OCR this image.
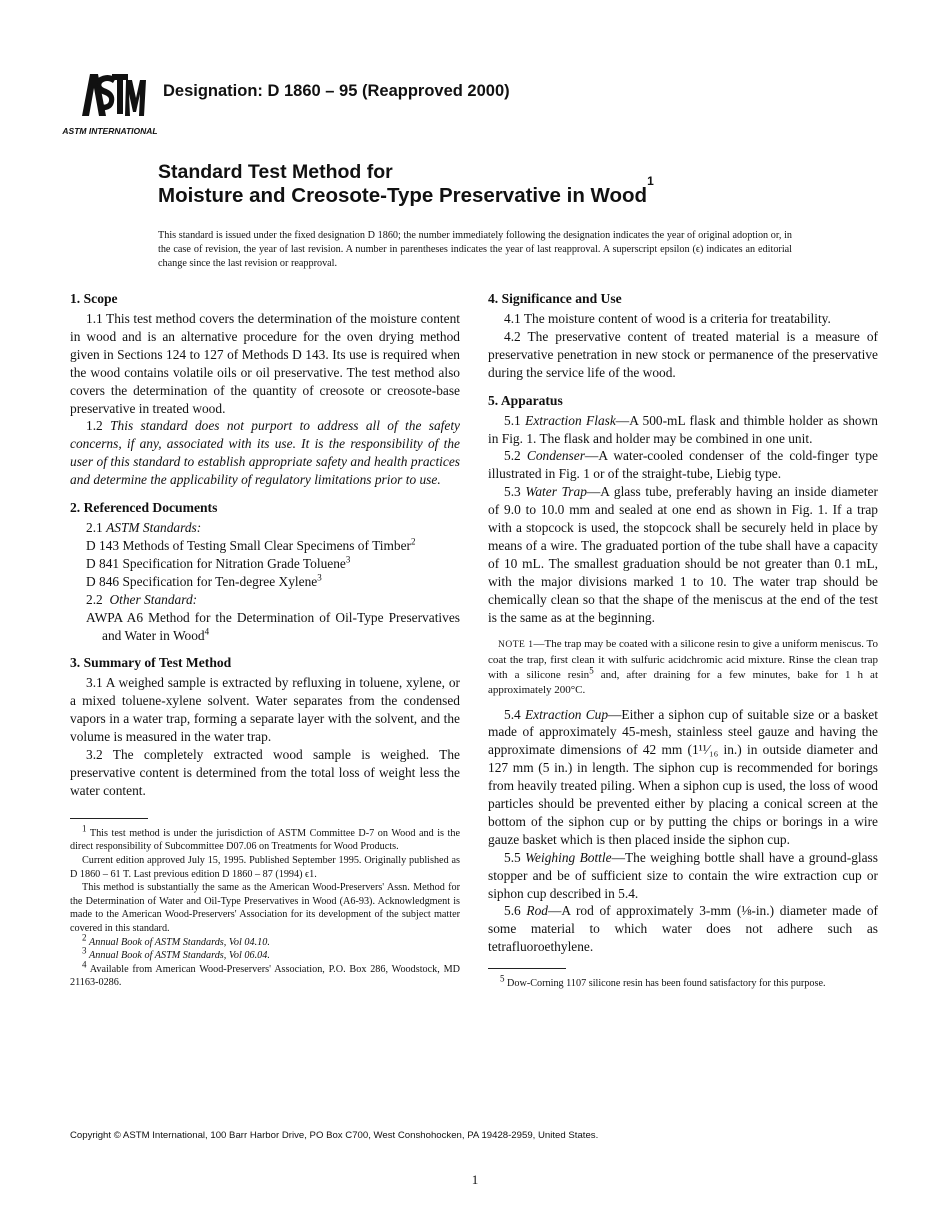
ASTM INTERNATIONAL
Designation: D 1860 – 95 (Reapproved 2000)
Standard Test Method for
Moisture and Creosote-Type Preservative in Wood$^1$
This standard is issued under the fixed designation D 1860; the number immediately following the designation indicates the year of original adoption or, in the case of revision, the year of last revision. A number in parentheses indicates the year of last reapproval. A superscript epsilon (ϵ) indicates an editorial change since the last revision or reapproval.
1. Scope

1.1 This test method covers the determination of the moisture content in wood and is an alternative procedure for the oven drying method given in Sections 124 to 127 of Methods D 143. Its use is required when the wood contains volatile oils or oil preservative. The test method also covers the determination of the quantity of creosote or creosote-base preservative in treated wood.

1.2 This standard does not purport to address all of the safety concerns, if any, associated with its use. It is the responsibility of the user of this standard to establish appropriate safety and health practices and determine the applicability of regulatory limitations prior to use.

2. Referenced Documents

2.1 ASTM Standards:

D 143 Methods of Testing Small Clear Specimens of Timber$^2$

D 841 Specification for Nitration Grade Toluene$^3$

D 846 Specification for Ten-degree Xylene$^3$

2.2 Other Standard:

AWPA A6 Method for the Determination of Oil-Type Preservatives and Water in Wood$^4$

3. Summary of Test Method

3.1 A weighed sample is extracted by refluxing in toluene, xylene, or a mixed toluene-xylene solvent. Water separates from the condensed vapors in a water trap, forming a separate layer with the solvent, and the volume is measured in the water trap.

3.2 The completely extracted wood sample is weighed. The preservative content is determined from the total loss of weight less the water content.

$^1$ This test method is under the jurisdiction of ASTM Committee D-7 on Wood and is the direct responsibility of Subcommittee D07.06 on Treatments for Wood Products.

Current edition approved July 15, 1995. Published September 1995. Originally published as D 1860 – 61 T. Last previous edition D 1860 – 87 (1994) ϵ1.

This method is substantially the same as the American Wood-Preservers' Assn. Method for the Determination of Water and Oil-Type Preservatives in Wood (A6-93). Acknowledgment is made to the American Wood-Preservers' Association for its development of the subject matter covered in this standard.

$^2$ Annual Book of ASTM Standards, Vol 04.10.

$^3$ Annual Book of ASTM Standards, Vol 06.04.

$^4$ Available from American Wood-Preservers' Association, P.O. Box 286, Woodstock, MD 21163-0286.

4. Significance and Use

4.1 The moisture content of wood is a criteria for treatability.

4.2 The preservative content of treated material is a measure of preservative penetration in new stock or permanence of the preservative during the service life of the wood.

5. Apparatus

5.1 Extraction Flask—A 500-mL flask and thimble holder as shown in Fig. 1. The flask and holder may be combined in one unit.

5.2 Condenser—A water-cooled condenser of the cold-finger type illustrated in Fig. 1 or of the straight-tube, Liebig type.

5.3 Water Trap—A glass tube, preferably having an inside diameter of 9.0 to 10.0 mm and sealed at one end as shown in Fig. 1. If a trap with a stopcock is used, the stopcock shall be securely held in place by means of a wire. The graduated portion of the tube shall have a capacity of 10 mL. The smallest graduation should be not greater than 0.1 mL, with the major divisions marked 1 to 10. The water trap should be chemically clean so that the shape of the meniscus at the end of the test is the same as at the beginning.

NOTE 1—The trap may be coated with a silicone resin to give a uniform meniscus. To coat the trap, first clean it with sulfuric acidchromic acid mixture. Rinse the clean trap with a silicone resin$^5$ and, after draining for a few minutes, bake for 1 h at approximately 200°C.

5.4 Extraction Cup—Either a siphon cup of suitable size or a basket made of approximately 45-mesh, stainless steel gauze and having the approximate dimensions of 42 mm (1¹¹⁄₁₆ in.) in outside diameter and 127 mm (5 in.) in length. The siphon cup is recommended for borings from heavily treated piling. When a siphon cup is used, the loss of wood particles should be prevented either by placing a conical screen at the bottom of the siphon cup or by putting the chips or borings in a wire gauze basket which is then placed inside the siphon cup.

5.5 Weighing Bottle—The weighing bottle shall have a ground-glass stopper and be of sufficient size to contain the wire extraction cup or siphon cup described in 5.4.

5.6 Rod—A rod of approximately 3-mm (⅛-in.) diameter made of some material to which water does not adhere such as tetrafluoroethylene.

$^5$ Dow-Corning 1107 silicone resin has been found satisfactory for this purpose.

Copyright © ASTM International, 100 Barr Harbor Drive, PO Box C700, West Conshohocken, PA 19428-2959, United States.
1
